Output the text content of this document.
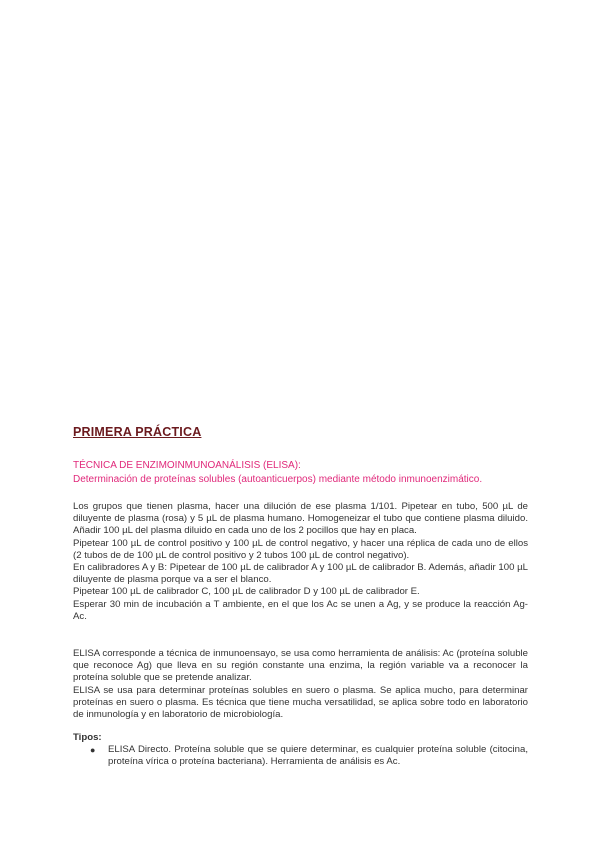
PRIMERA PRÁCTICA
TÉCNICA DE ENZIMOINMUNOANÁLISIS (ELISA):
Determinación de proteínas solubles (autoanticuerpos) mediante método inmunoenzimático.

Los grupos que tienen plasma, hacer una dilución de ese plasma 1/101. Pipetear en tubo, 500 µL de diluyente de plasma (rosa) y 5 µL de plasma humano. Homogeneizar el tubo que contiene plasma diluido. Añadir 100 µL del plasma diluido en cada uno de los 2 pocillos que hay en placa.

Pipetear 100 µL de control positivo y 100 µL de control negativo, y hacer una réplica de cada uno de ellos (2 tubos de de 100 µL de control positivo y 2 tubos 100 µL de control negativo).

En calibradores A y B: Pipetear de 100 µL de calibrador A y 100 µL de calibrador B. Además, añadir 100 µL diluyente de plasma porque va a ser el blanco.

Pipetear 100 µL de calibrador C, 100 µL de calibrador D y 100 µL de calibrador E.

Esperar 30 min de incubación a T ambiente, en el que los Ac se unen a Ag, y se produce la reacción Ag-Ac.

ELISA corresponde a técnica de inmunoensayo, se usa como herramienta de análisis: Ac (proteína soluble que reconoce Ag) que lleva en su región constante una enzima, la región variable va a reconocer la proteína soluble que se pretende analizar.

ELISA se usa para determinar proteínas solubles en suero o plasma. Se aplica mucho, para determinar proteínas en suero o plasma. Es técnica que tiene mucha versatilidad, se aplica sobre todo en laboratorio de inmunología y en laboratorio de microbiología.

Tipos:
● ELISA Directo. Proteína soluble que se quiere determinar, es cualquier proteína soluble (citocina, proteína vírica o proteína bacteriana). Herramienta de análisis es Ac.
